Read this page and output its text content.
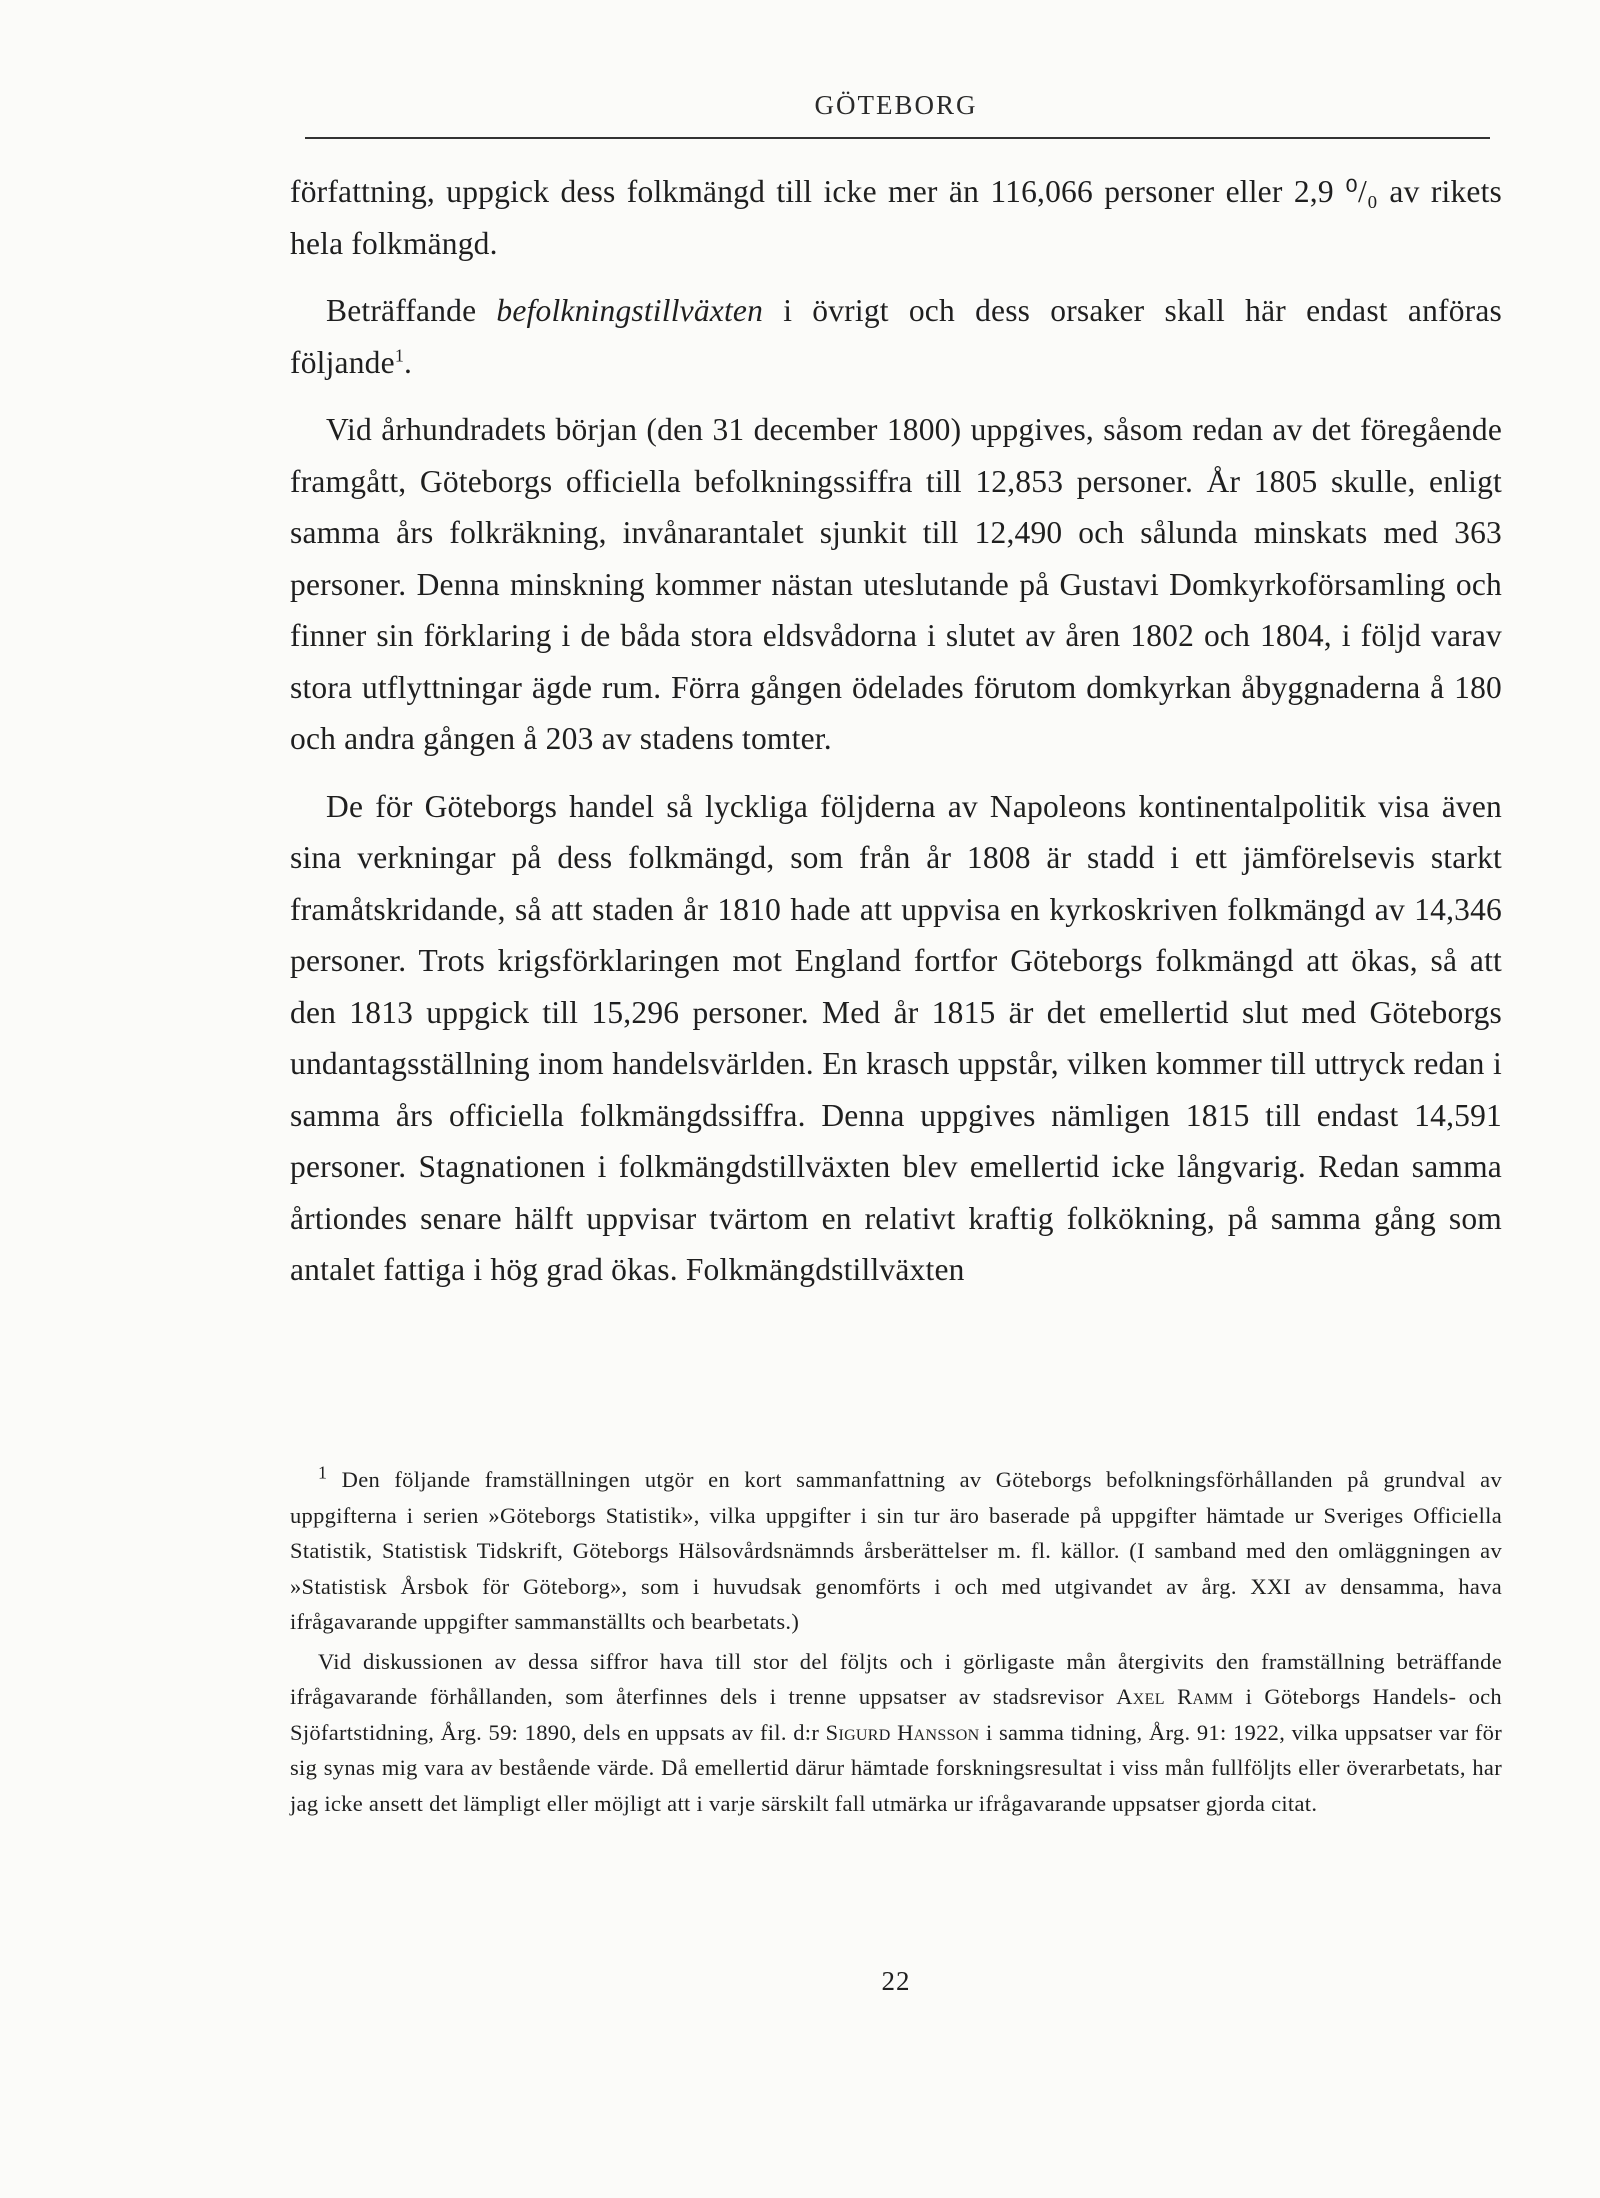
GÖTEBORG

författning, uppgick dess folkmängd till icke mer än 116,066 personer eller 2,9 ⁰/₀ av rikets hela folkmängd.

Beträffande befolkningstillväxten i övrigt och dess orsaker skall här endast anföras följande$^1$.

Vid århundradets början (den 31 december 1800) uppgives, såsom redan av det föregående framgått, Göteborgs officiella befolkningssiffra till 12,853 personer. År 1805 skulle, enligt samma års folkräkning, invånarantalet sjunkit till 12,490 och sålunda minskats med 363 personer. Denna minskning kommer nästan uteslutande på Gustavi Domkyrkoförsamling och finner sin förklaring i de båda stora eldsvådorna i slutet av åren 1802 och 1804, i följd varav stora utflyttningar ägde rum. Förra gången ödelades förutom domkyrkan åbyggnaderna å 180 och andra gången å 203 av stadens tomter.

De för Göteborgs handel så lyckliga följderna av Napoleons kontinentalpolitik visa även sina verkningar på dess folkmängd, som från år 1808 är stadd i ett jämförelsevis starkt framåtskridande, så att staden år 1810 hade att uppvisa en kyrkoskriven folkmängd av 14,346 personer. Trots krigsförklaringen mot England fortfor Göteborgs folkmängd att ökas, så att den 1813 uppgick till 15,296 personer. Med år 1815 är det emellertid slut med Göteborgs undantagsställning inom handelsvärlden. En krasch uppstår, vilken kommer till uttryck redan i samma års officiella folkmängdssiffra. Denna uppgives nämligen 1815 till endast 14,591 personer. Stagnationen i folkmängdstillväxten blev emellertid icke långvarig. Redan samma årtiondes senare hälft uppvisar tvärtom en relativt kraftig folkökning, på samma gång som antalet fattiga i hög grad ökas. Folkmängdstillväxten

$^1$ Den följande framställningen utgör en kort sammanfattning av Göteborgs befolkningsförhållanden på grundval av uppgifterna i serien »Göteborgs Statistik», vilka uppgifter i sin tur äro baserade på uppgifter hämtade ur Sveriges Officiella Statistik, Statistisk Tidskrift, Göteborgs Hälsovårdsnämnds årsberättelser m. fl. källor. (I samband med den omläggningen av »Statistisk Årsbok för Göteborg», som i huvudsak genomförts i och med utgivandet av årg. XXI av densamma, hava ifrågavarande uppgifter sammanställts och bearbetats.)

Vid diskussionen av dessa siffror hava till stor del följts och i görligaste mån återgivits den framställning beträffande ifrågavarande förhållanden, som återfinnes dels i trenne uppsatser av stadsrevisor Axel Ramm i Göteborgs Handels- och Sjöfartstidning, Årg. 59: 1890, dels en uppsats av fil. d:r Sigurd Hansson i samma tidning, Årg. 91: 1922, vilka uppsatser var för sig synas mig vara av bestående värde. Då emellertid därur hämtade forskningsresultat i viss mån fullföljts eller överarbetats, har jag icke ansett det lämpligt eller möjligt att i varje särskilt fall utmärka ur ifrågavarande uppsatser gjorda citat.

22
